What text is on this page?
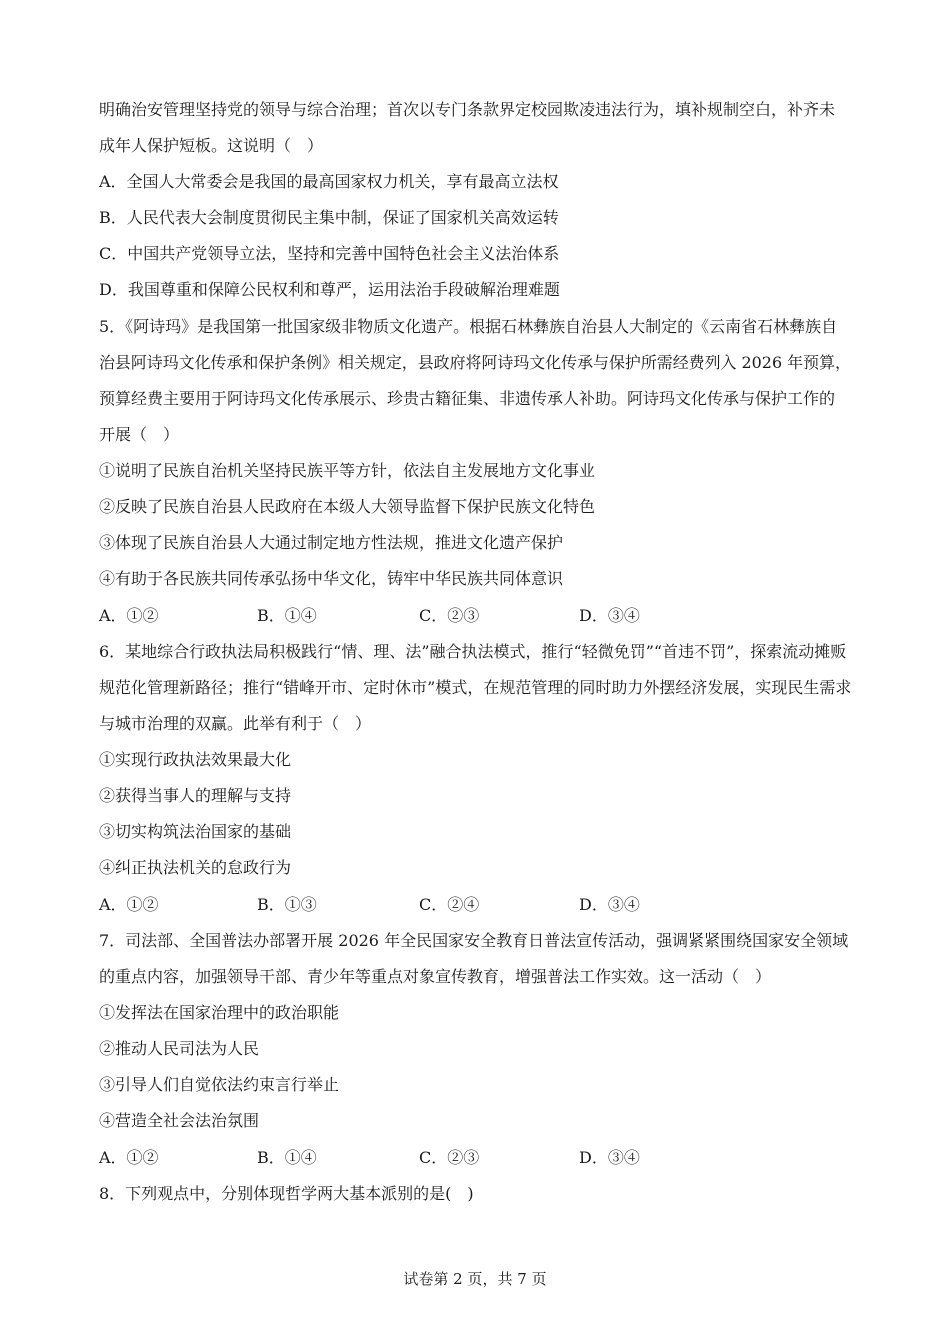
明确治安管理坚持党的领导与综合治理；首次以专门条款界定校园欺凌违法行为，填补规制空白，补齐未
成年人保护短板。这说明（　）
A．全国人大常委会是我国的最高国家权力机关，享有最高立法权
B．人民代表大会制度贯彻民主集中制，保证了国家机关高效运转
C．中国共产党领导立法，坚持和完善中国特色社会主义法治体系
D．我国尊重和保障公民权利和尊严，运用法治手段破解治理难题
5．《阿诗玛》是我国第一批国家级非物质文化遗产。根据石林彝族自治县人大制定的《云南省石林彝族自
治县阿诗玛文化传承和保护条例》相关规定，县政府将阿诗玛文化传承与保护所需经费列入 2026 年预算，
预算经费主要用于阿诗玛文化传承展示、珍贵古籍征集、非遗传承人补助。阿诗玛文化传承与保护工作的
开展（　）
①说明了民族自治机关坚持民族平等方针，依法自主发展地方文化事业
②反映了民族自治县人民政府在本级人大领导监督下保护民族文化特色
③体现了民族自治县人大通过制定地方性法规，推进文化遗产保护
④有助于各民族共同传承弘扬中华文化，铸牢中华民族共同体意识
A．①②	B．①④	C．②③	D．③④
6．某地综合行政执法局积极践行“情、理、法”融合执法模式，推行“轻微免罚”“首违不罚”，探索流动摊贩
规范化管理新路径；推行“错峰开市、定时休市”模式，在规范管理的同时助力外摆经济发展，实现民生需求
与城市治理的双赢。此举有利于（　）
①实现行政执法效果最大化
②获得当事人的理解与支持
③切实构筑法治国家的基础
④纠正执法机关的怠政行为
A．①②	B．①③	C．②④	D．③④
7．司法部、全国普法办部署开展 2026 年全民国家安全教育日普法宣传活动，强调紧紧围绕国家安全领域
的重点内容，加强领导干部、青少年等重点对象宣传教育，增强普法工作实效。这一活动（　）
①发挥法在国家治理中的政治职能
②推动人民司法为人民
③引导人们自觉依法约束言行举止
④营造全社会法治氛围
A．①②	B．①④	C．②③	D．③④
8．下列观点中，分别体现哲学两大基本派别的是(　)
试卷第 2 页，共 7 页
